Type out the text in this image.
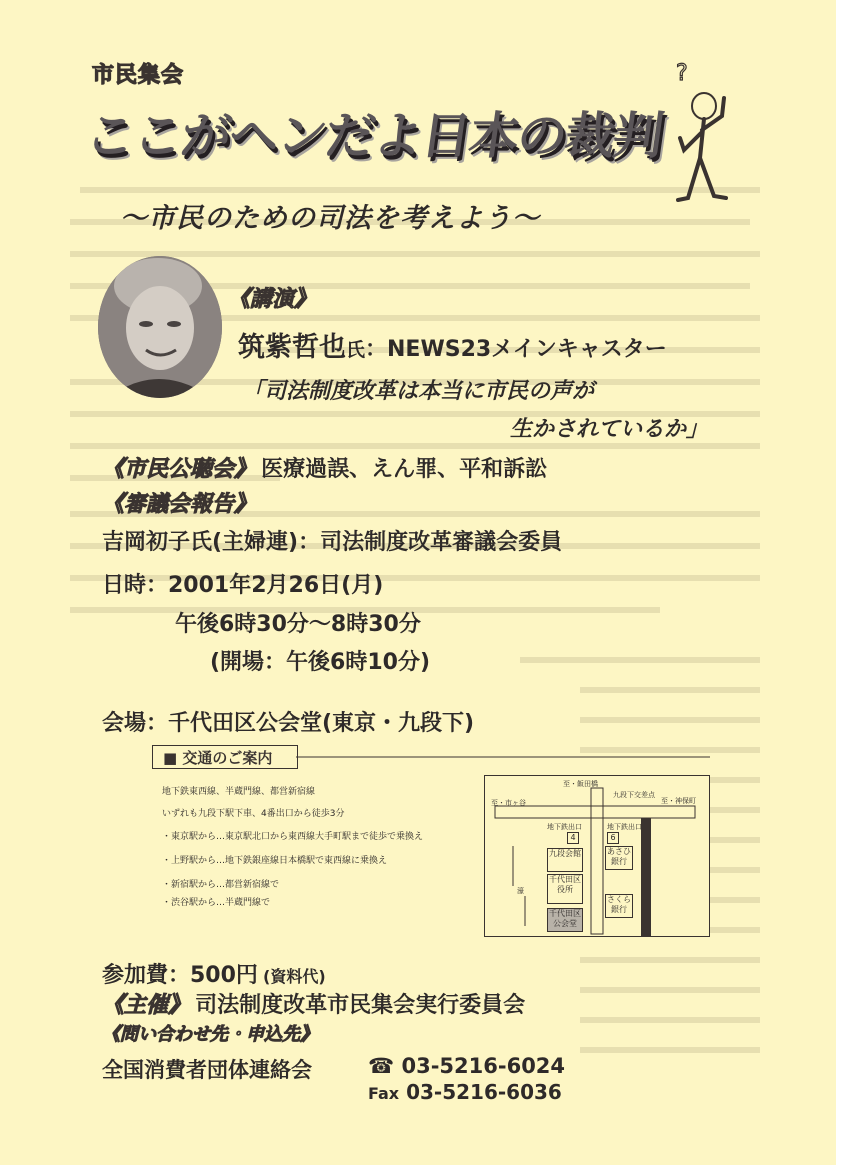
市民集会
ここがヘンだよ日本の裁判
?
〜市民のための司法を考えよう〜
《講演》
筑紫哲也氏：NEWS23メインキャスター
「司法制度改革は本当に市民の声が
生かされているか」
《市民公聴会》 医療過誤、えん罪、平和訴訟
《審議会報告》
吉岡初子氏(主婦連)：司法制度改革審議会委員
日時：2001年2月26日(月)
午後6時30分〜8時30分
(開場：午後6時10分)
会場：千代田区公会堂(東京・九段下)
■ 交通のご案内
地下鉄東西線、半蔵門線、都営新宿線
いずれも九段下駅下車、4番出口から徒歩3分
・東京駅から…東京駅北口から東西線大手町駅まで徒歩で乗換え
・上野駅から…地下鉄銀座線日本橋駅で東西線に乗換え
・新宿駅から…都営新宿線で
・渋谷駅から…半蔵門線で
至・飯田橋
至・市ヶ谷	至・神保町
九段下交差点
地下鉄出口	地下鉄出口
4	6
九段会館
千代田区役所
千代田区公会堂
あさひ銀行
さくら銀行
濠
参加費：500円 (資料代)
《主催》 司法制度改革市民集会実行委員会
《問い合わせ先・申込先》
全国消費者団体連絡会	☎ 03-5216-6024
Fax 03-5216-6036
